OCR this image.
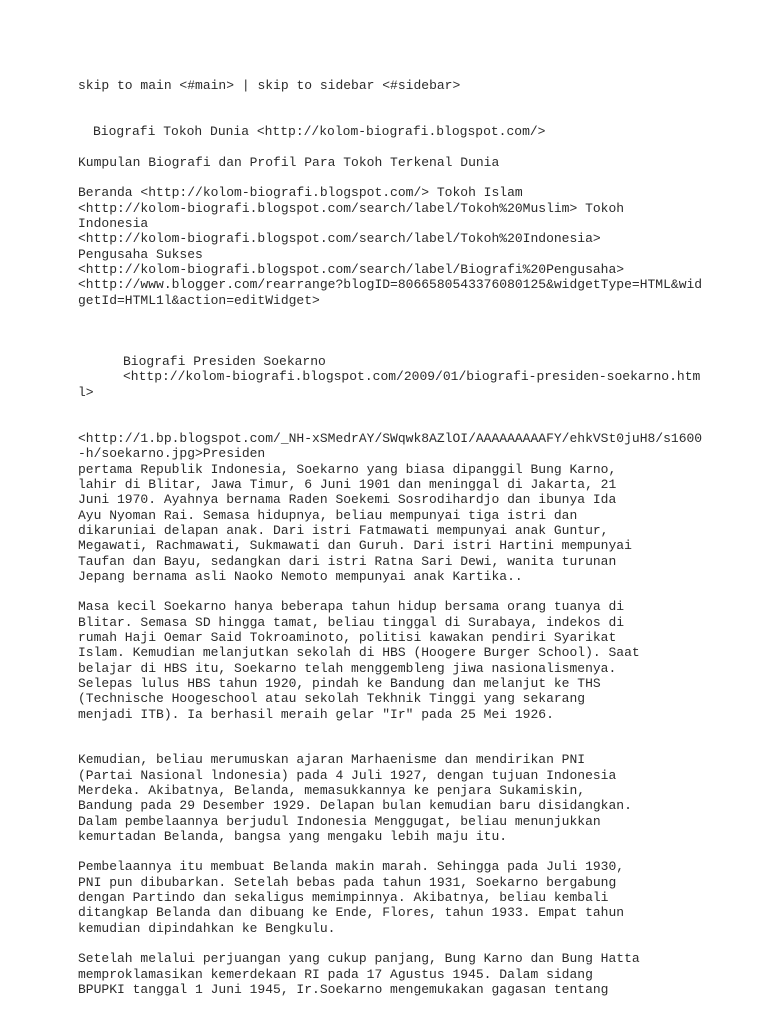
skip to main <#main> | skip to sidebar <#sidebar>
Biografi Tokoh Dunia <http://kolom-biografi.blogspot.com/>
Kumpulan Biografi dan Profil Para Tokoh Terkenal Dunia
Beranda <http://kolom-biografi.blogspot.com/> Tokoh Islam
<http://kolom-biografi.blogspot.com/search/label/Tokoh%20Muslim> Tokoh
Indonesia
<http://kolom-biografi.blogspot.com/search/label/Tokoh%20Indonesia>
Pengusaha Sukses
<http://kolom-biografi.blogspot.com/search/label/Biografi%20Pengusaha>
<http://www.blogger.com/rearrange?blogID=8066580543376080125&widgetType=HTML&wid
getId=HTML1l&action=editWidget>
Biografi Presiden Soekarno
<http://kolom-biografi.blogspot.com/2009/01/biografi-presiden-soekarno.htm
l>
<http://1.bp.blogspot.com/_NH-xSMedrAY/SWqwk8AZlOI/AAAAAAAAAFY/ehkVSt0juH8/s1600
-h/soekarno.jpg>Presiden
pertama Republik Indonesia, Soekarno yang biasa dipanggil Bung Karno,
lahir di Blitar, Jawa Timur, 6 Juni 1901 dan meninggal di Jakarta, 21
Juni 1970. Ayahnya bernama Raden Soekemi Sosrodihardjo dan ibunya Ida
Ayu Nyoman Rai. Semasa hidupnya, beliau mempunyai tiga istri dan
dikaruniai delapan anak. Dari istri Fatmawati mempunyai anak Guntur,
Megawati, Rachmawati, Sukmawati dan Guruh. Dari istri Hartini mempunyai
Taufan dan Bayu, sedangkan dari istri Ratna Sari Dewi, wanita turunan
Jepang bernama asli Naoko Nemoto mempunyai anak Kartika..
Masa kecil Soekarno hanya beberapa tahun hidup bersama orang tuanya di
Blitar. Semasa SD hingga tamat, beliau tinggal di Surabaya, indekos di
rumah Haji Oemar Said Tokroaminoto, politisi kawakan pendiri Syarikat
Islam. Kemudian melanjutkan sekolah di HBS (Hoogere Burger School). Saat
belajar di HBS itu, Soekarno telah menggembleng jiwa nasionalismenya.
Selepas lulus HBS tahun 1920, pindah ke Bandung dan melanjut ke THS
(Technische Hoogeschool atau sekolah Tekhnik Tinggi yang sekarang
menjadi ITB). Ia berhasil meraih gelar "Ir" pada 25 Mei 1926.
Kemudian, beliau merumuskan ajaran Marhaenisme dan mendirikan PNI
(Partai Nasional lndonesia) pada 4 Juli 1927, dengan tujuan Indonesia
Merdeka. Akibatnya, Belanda, memasukkannya ke penjara Sukamiskin,
Bandung pada 29 Desember 1929. Delapan bulan kemudian baru disidangkan.
Dalam pembelaannya berjudul Indonesia Menggugat, beliau menunjukkan
kemurtadan Belanda, bangsa yang mengaku lebih maju itu.
Pembelaannya itu membuat Belanda makin marah. Sehingga pada Juli 1930,
PNI pun dibubarkan. Setelah bebas pada tahun 1931, Soekarno bergabung
dengan Partindo dan sekaligus memimpinnya. Akibatnya, beliau kembali
ditangkap Belanda dan dibuang ke Ende, Flores, tahun 1933. Empat tahun
kemudian dipindahkan ke Bengkulu.
Setelah melalui perjuangan yang cukup panjang, Bung Karno dan Bung Hatta
memproklamasikan kemerdekaan RI pada 17 Agustus 1945. Dalam sidang
BPUPKI tanggal 1 Juni 1945, Ir.Soekarno mengemukakan gagasan tentang
